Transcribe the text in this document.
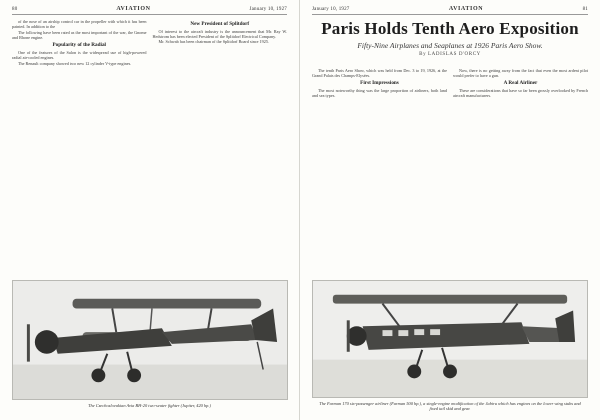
80	AVIATION	January 10, 1927

of the nose of an airship control car in the propeller with which it has been painted. In addition to the

The following have been rated as the most important of the war, the Gnome and Rhone engine.

Popularity of the Radial

One of the features of the Salon is the widespread use of high-powered radial air-cooled engines.

The Renault company showed two new 12 cylinder V-type engines.

New President of Splitdorf

Of interest to the aircraft industry is the announcement that Mr. Ray W. Hedstrom has been elected President of the Splitdorf Electrical Company.

Mr. Schwab has been chairman of the Splitdorf Board since 1925.

The Czechoslovakian Avia BH-20 two-seater fighter (Jupiter, 420 hp.)
January 10, 1927	AVIATION	81
Paris Holds Tenth Aero Exposition
Fifty-Nine Airplanes and Seaplanes at 1926 Paris Aero Show.
By LADISLAS D'ORCY

The tenth Paris Aero Show, which was held from Dec. 3 to 19, 1926, at the Grand Palais des Champs-Elysées.

First Impressions

The most noteworthy thing was the large proportion of airliners, both land and sea types.

Now, there is no getting away from the fact that even the most ardent pilot would prefer to have a gun.

A Real Airliner

These are considerations that have so far been grossly overlooked by French aircraft manufacturers.

The Farman 170 six-passenger airliner (Farman 500 hp.), a single-engine modification of the Jabiru which has engines on the lower wing stubs and fixed tail skid and gear.
